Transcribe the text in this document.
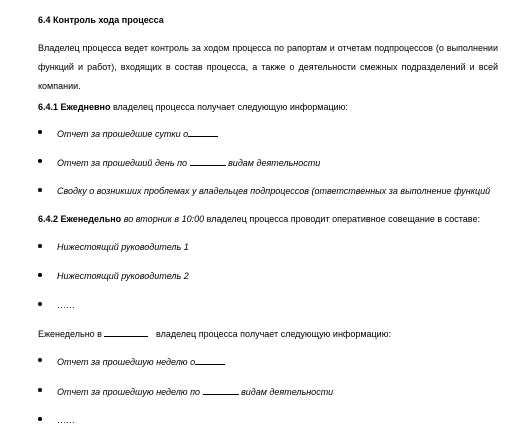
6.4 Контроль хода процесса
Владелец процесса ведет контроль за ходом процесса по рапортам и отчетам подпроцессов (о выполнении функций и работ), входящих в состав процесса, а также о деятельности смежных подразделений и всей компании.
6.4.1 Ежедневно владелец процесса получает следующую информацию:
Отчет за прошедшие сутки о
Отчет за прошедший день по	видам деятельности
Сводку о возникших проблемах у владельцев подпроцессов (ответственных за выполнение функций
6.4.2 Еженедельно во вторник в 10:00 владелец процесса проводит оперативное совещание в составе:
Нижестоящий руководитель 1
Нижестоящий руководитель 2
……
Еженедельно в	владелец процесса получает следующую информацию:
Отчет за прошедшую неделю о
Отчет за прошедшую неделю по	видам деятельности
……
